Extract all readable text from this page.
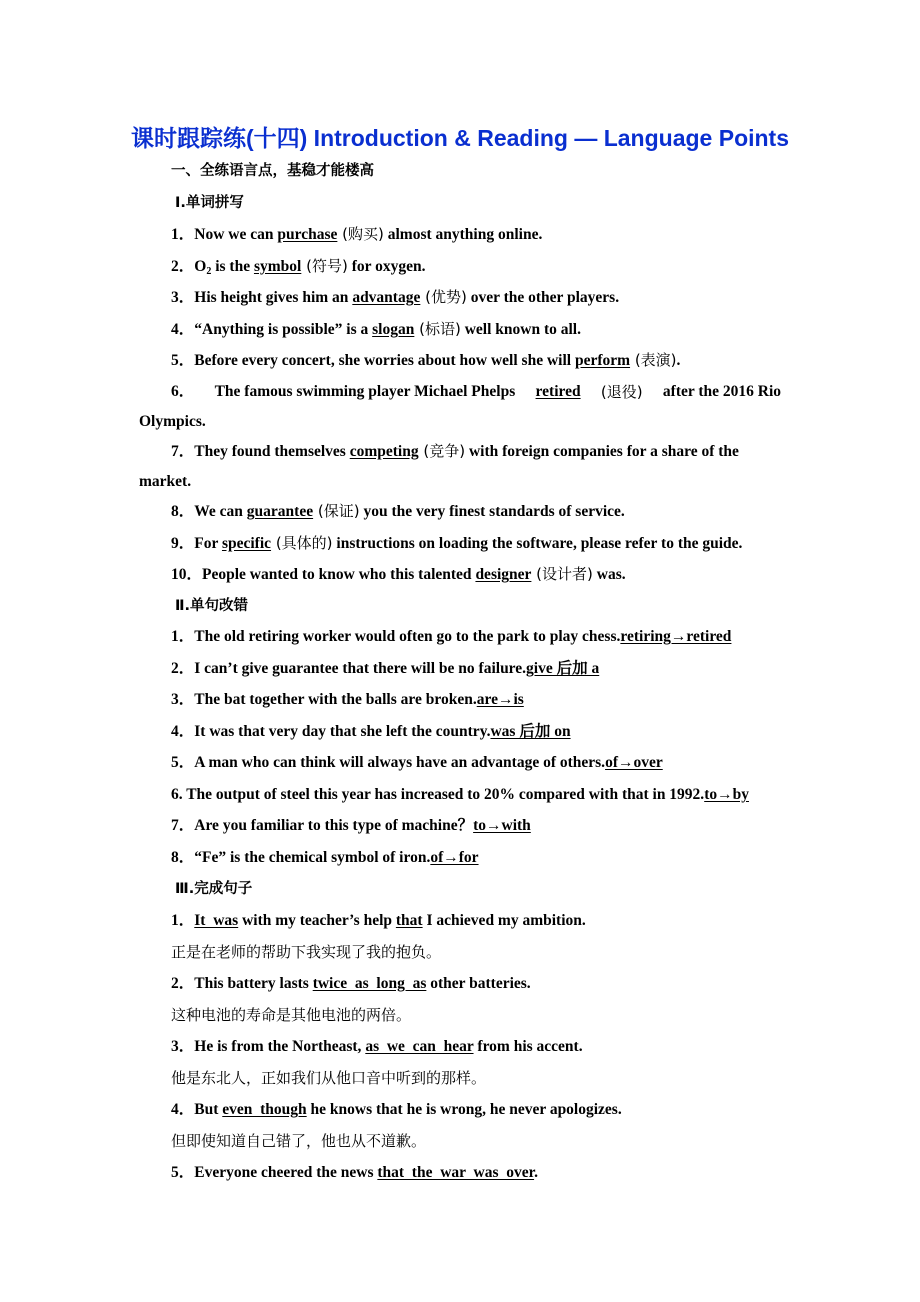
课时跟踪练(十四) Introduction & Reading — Language Points
一、全练语言点，基稳才能楼高
Ⅰ.单词拼写
1．Now we can purchase (购买) almost anything online.
2．$O_2$ is the symbol (符号) for oxygen.
3．His height gives him an advantage (优势) over the other players.
4．“Anything is possible” is a slogan (标语) well known to all.
5．Before every concert, she worries about how well she will perform (表演).
6． The famous swimming player Michael Phelps retired (退役) after the 2016 Rio
Olympics.
7．They found themselves competing (竞争) with foreign companies for a share of the
market.
8．We can guarantee (保证) you the very finest standards of service.
9．For specific (具体的) instructions on loading the software, please refer to the guide.
10．People wanted to know who this talented designer (设计者) was.
Ⅱ.单句改错
1．The old retiring worker would often go to the park to play chess.retiring→retired
2．I can’t give guarantee that there will be no failure.give 后加 a
3．The bat together with the balls are broken.are→is
4．It was that very day that she left the country.was 后加 on
5．A man who can think will always have an advantage of others.of→over
6. The output of steel this year has increased to 20% compared with that in 1992.to→by
7．Are you familiar to this type of machine？to→with
8．“Fe” is the chemical symbol of iron.of→for
Ⅲ.完成句子
1．It  was with my teacher’s help that I achieved my ambition.
正是在老师的帮助下我实现了我的抱负。
2．This battery lasts twice  as  long  as other batteries.
这种电池的寿命是其他电池的两倍。
3．He is from the Northeast, as  we  can  hear from his accent.
他是东北人，正如我们从他口音中听到的那样。
4．But even  though he knows that he is wrong, he never apologizes.
但即使知道自己错了，他也从不道歉。
5．Everyone cheered the news that  the  war  was  over.
